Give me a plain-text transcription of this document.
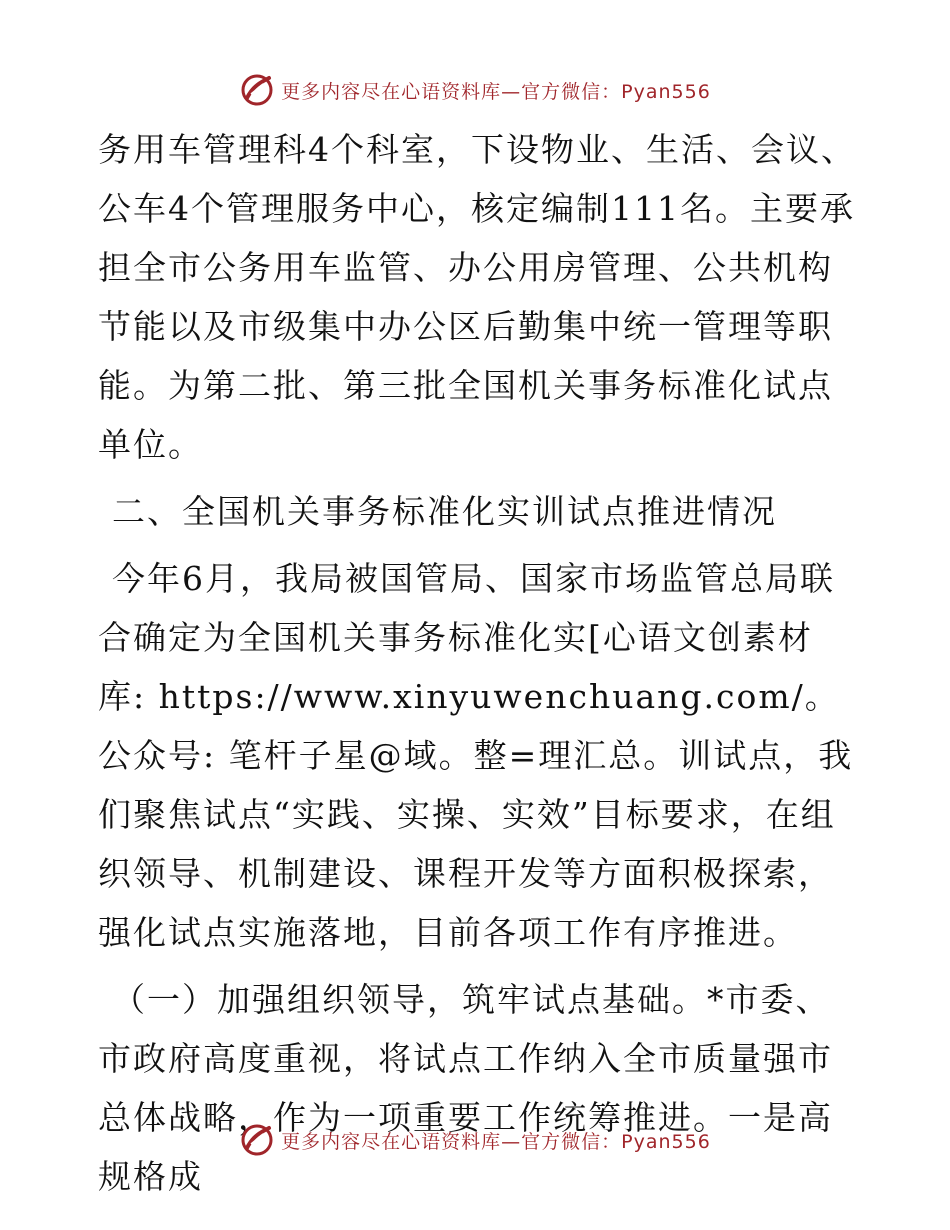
更多内容尽在心语资料库—官方微信：Pyan556

务用车管理科4个科室，下设物业、生活、会议、公车4个管理服务中心，核定编制111名。主要承担全市公务用车监管、办公用房管理、公共机构节能以及市级集中办公区后勤集中统一管理等职能。为第二批、第三批全国机关事务标准化试点单位。

二、全国机关事务标准化实训试点推进情况

今年6月，我局被国管局、国家市场监管总局联合确定为全国机关事务标准化实[心语文创素材库: https://www.xinyuwenchuang.com/。公众号: 笔杆子星@域。整=理汇总。训试点，我们聚焦试点“实践、实操、实效”目标要求，在组织领导、机制建设、课程开发等方面积极探索，强化试点实施落地，目前各项工作有序推进。

（一）加强组织领导，筑牢试点基础。*市委、市政府高度重视，将试点工作纳入全市质量强市总体战略，作为一项重要工作统筹推进。一是高规格成

更多内容尽在心语资料库—官方微信：Pyan556
